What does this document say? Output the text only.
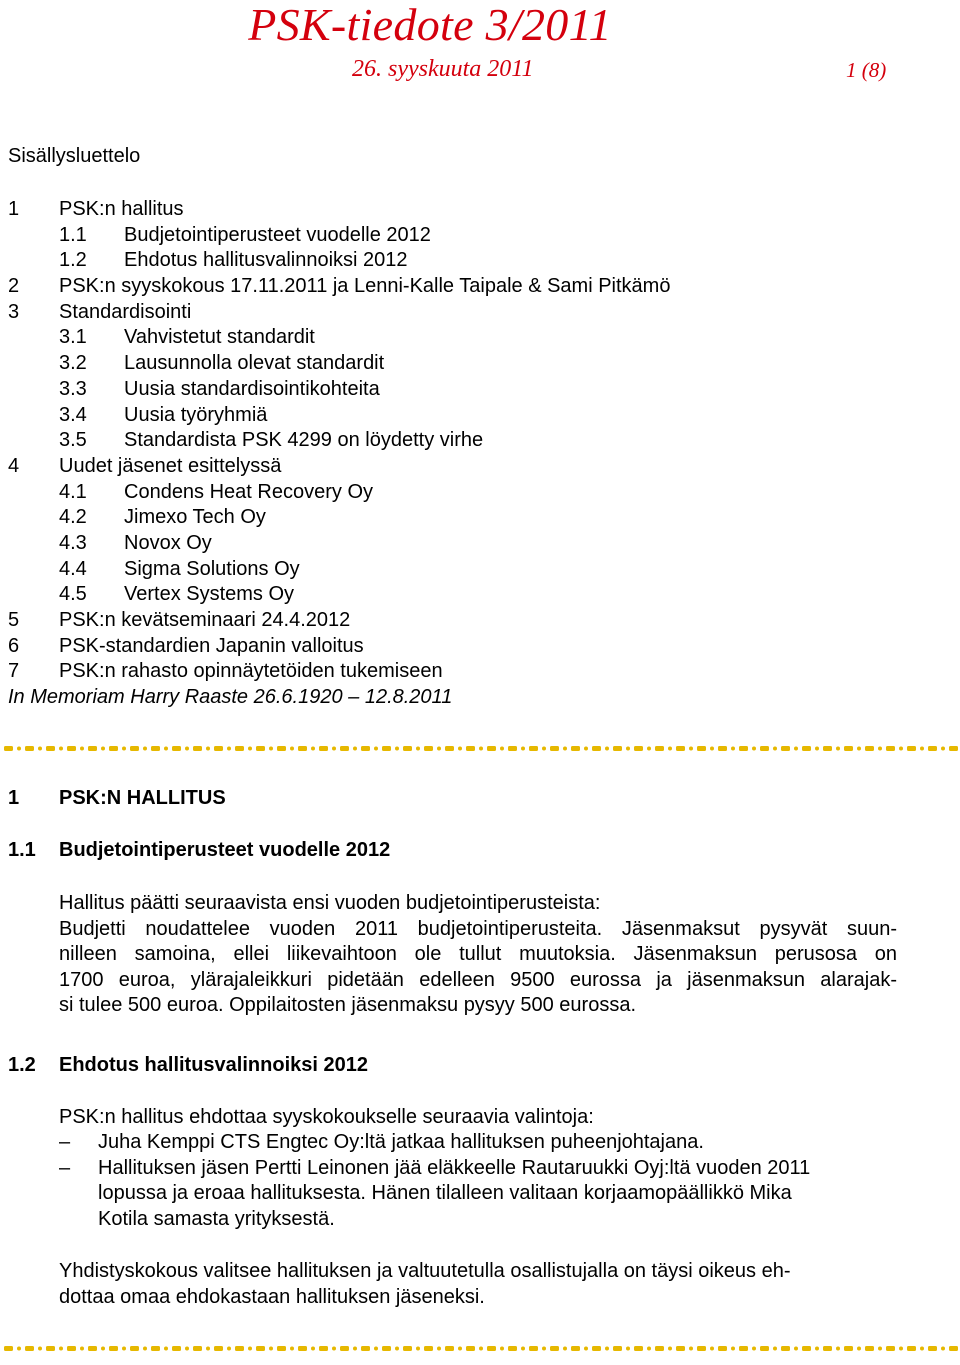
PSK-tiedote 3/2011
26. syyskuuta 2011	1 (8)
Sisällysluettelo
1 PSK:n hallitus
1.1 Budjetointiperusteet vuodelle 2012
1.2 Ehdotus hallitusvalinnoiksi 2012
2 PSK:n syyskokous 17.11.2011 ja Lenni-Kalle Taipale & Sami Pitkämö
3 Standardisointi
3.1 Vahvistetut standardit
3.2 Lausunnolla olevat standardit
3.3 Uusia standardisointikohteita
3.4 Uusia työryhmiä
3.5 Standardista PSK 4299 on löydetty virhe
4 Uudet jäsenet esittelyssä
4.1 Condens Heat Recovery Oy
4.2 Jimexo Tech Oy
4.3 Novox Oy
4.4 Sigma Solutions Oy
4.5 Vertex Systems Oy
5 PSK:n kevätseminaari 24.4.2012
6 PSK-standardien Japanin valloitus
7 PSK:n rahasto opinnäytetöiden tukemiseen
In Memoriam Harry Raaste 26.6.1920 – 12.8.2011
1 PSK:N HALLITUS
1.1 Budjetointiperusteet vuodelle 2012
Hallitus päätti seuraavista ensi vuoden budjetointiperusteista:
Budjetti noudattelee vuoden 2011 budjetointiperusteita. Jäsenmaksut pysyvät suun-
nilleen samoina, ellei liikevaihtoon ole tullut muutoksia. Jäsenmaksun perusosa on
1700 euroa, ylärajaleikkuri pidetään edelleen 9500 eurossa ja jäsenmaksun alarajak-
si tulee 500 euroa. Oppilaitosten jäsenmaksu pysyy 500 eurossa.
1.2 Ehdotus hallitusvalinnoiksi 2012
PSK:n hallitus ehdottaa syyskokoukselle seuraavia valintoja:
– Juha Kemppi CTS Engtec Oy:ltä jatkaa hallituksen puheenjohtajana.
– Hallituksen jäsen Pertti Leinonen jää eläkkeelle Rautaruukki Oyj:ltä vuoden 2011
lopussa ja eroaa hallituksesta. Hänen tilalleen valitaan korjaamopäällikkö Mika
Kotila samasta yrityksestä.
Yhdistyskokous valitsee hallituksen ja valtuutetulla osallistujalla on täysi oikeus eh-
dottaa omaa ehdokastaan hallituksen jäseneksi.
